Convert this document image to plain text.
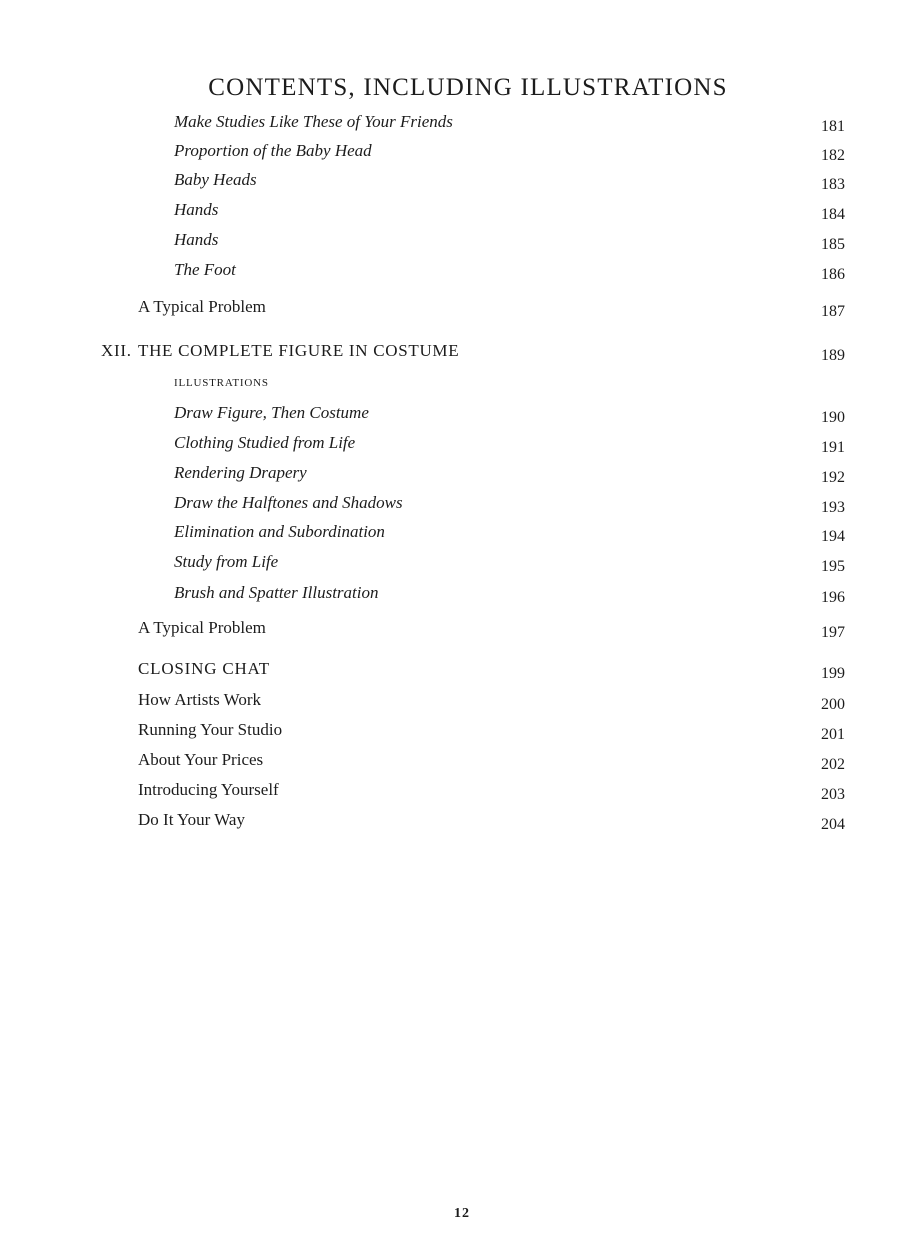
CONTENTS, INCLUDING ILLUSTRATIONS
Make Studies Like These of Your Friends	181
Proportion of the Baby Head	182
Baby Heads	183
Hands	184
Hands	185
The Foot	186
A Typical Problem	187
XII. THE COMPLETE FIGURE IN COSTUME	189
ILLUSTRATIONS
Draw Figure, Then Costume	190
Clothing Studied from Life	191
Rendering Drapery	192
Draw the Halftones and Shadows	193
Elimination and Subordination	194
Study from Life	195
Brush and Spatter Illustration	196
A Typical Problem	197
CLOSING CHAT	199
How Artists Work	200
Running Your Studio	201
About Your Prices	202
Introducing Yourself	203
Do It Your Way	204
12
